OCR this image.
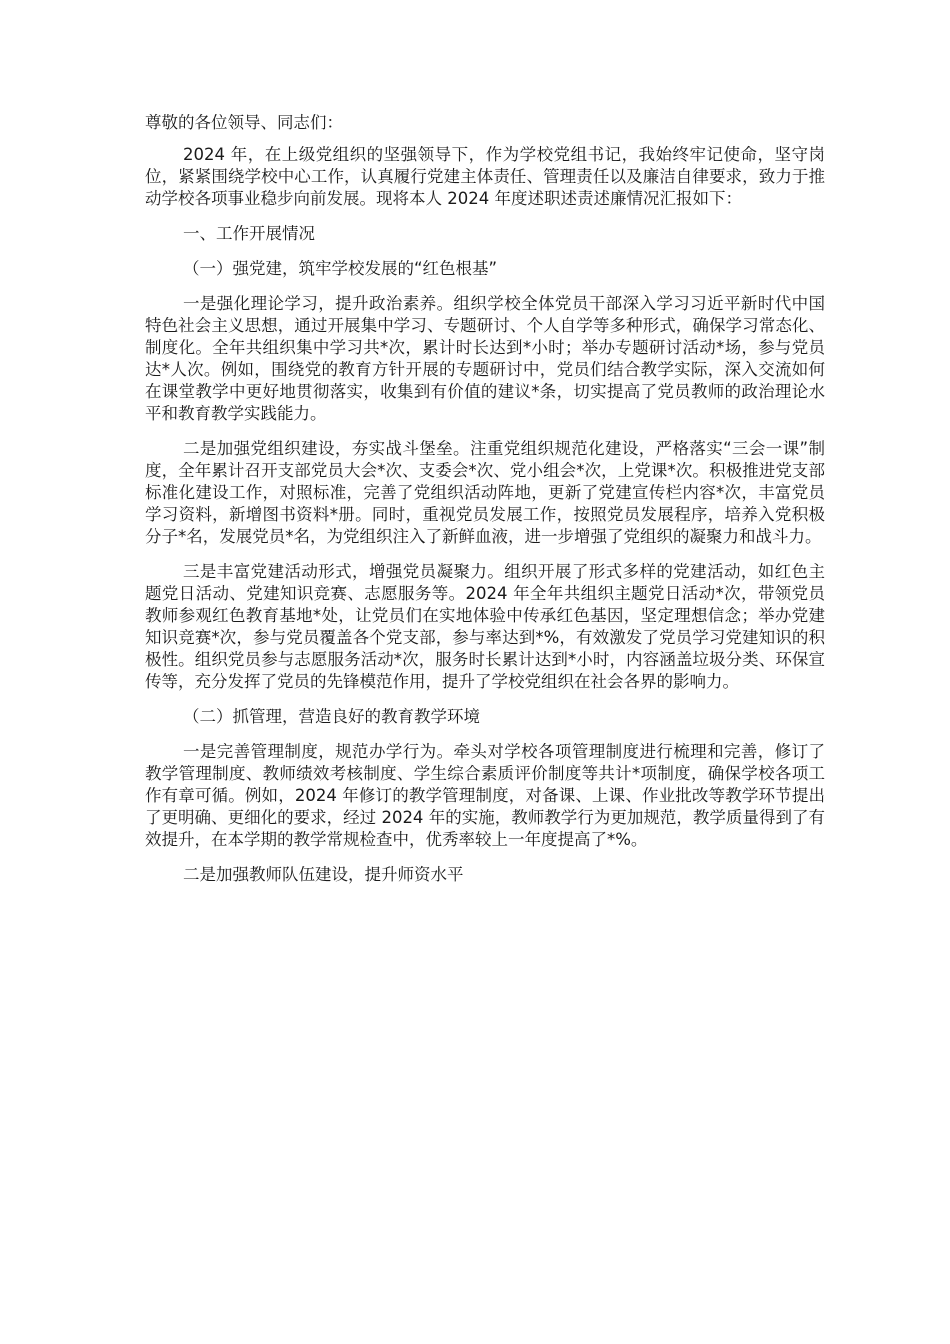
尊敬的各位领导、同志们：

2024 年，在上级党组织的坚强领导下，作为学校党组书记，我始终牢记使命，坚守岗位，紧紧围绕学校中心工作，认真履行党建主体责任、管理责任以及廉洁自律要求，致力于推动学校各项事业稳步向前发展。现将本人 2024 年度述职述责述廉情况汇报如下：

一、工作开展情况

（一）强党建，筑牢学校发展的“红色根基”

一是强化理论学习，提升政治素养。组织学校全体党员干部深入学习习近平新时代中国特色社会主义思想，通过开展集中学习、专题研讨、个人自学等多种形式，确保学习常态化、制度化。全年共组织集中学习共*次，累计时长达到*小时；举办专题研讨活动*场，参与党员达*人次。例如，围绕党的教育方针开展的专题研讨中，党员们结合教学实际，深入交流如何在课堂教学中更好地贯彻落实，收集到有价值的建议*条，切实提高了党员教师的政治理论水平和教育教学实践能力。

二是加强党组织建设，夯实战斗堡垒。注重党组织规范化建设，严格落实“三会一课”制度，全年累计召开支部党员大会*次、支委会*次、党小组会*次，上党课*次。积极推进党支部标准化建设工作，对照标准，完善了党组织活动阵地，更新了党建宣传栏内容*次，丰富党员学习资料，新增图书资料*册。同时，重视党员发展工作，按照党员发展程序，培养入党积极分子*名，发展党员*名，为党组织注入了新鲜血液，进一步增强了党组织的凝聚力和战斗力。

三是丰富党建活动形式，增强党员凝聚力。组织开展了形式多样的党建活动，如红色主题党日活动、党建知识竞赛、志愿服务等。2024 年全年共组织主题党日活动*次，带领党员教师参观红色教育基地*处，让党员们在实地体验中传承红色基因，坚定理想信念；举办党建知识竞赛*次，参与党员覆盖各个党支部，参与率达到*%，有效激发了党员学习党建知识的积极性。组织党员参与志愿服务活动*次，服务时长累计达到*小时，内容涵盖垃圾分类、环保宣传等，充分发挥了党员的先锋模范作用，提升了学校党组织在社会各界的影响力。

（二）抓管理，营造良好的教育教学环境

一是完善管理制度，规范办学行为。牵头对学校各项管理制度进行梳理和完善，修订了教学管理制度、教师绩效考核制度、学生综合素质评价制度等共计*项制度，确保学校各项工作有章可循。例如，2024 年修订的教学管理制度，对备课、上课、作业批改等教学环节提出了更明确、更细化的要求，经过 2024 年的实施，教师教学行为更加规范，教学质量得到了有效提升，在本学期的教学常规检查中，优秀率较上一年度提高了*%。

二是加强教师队伍建设，提升师资水平
